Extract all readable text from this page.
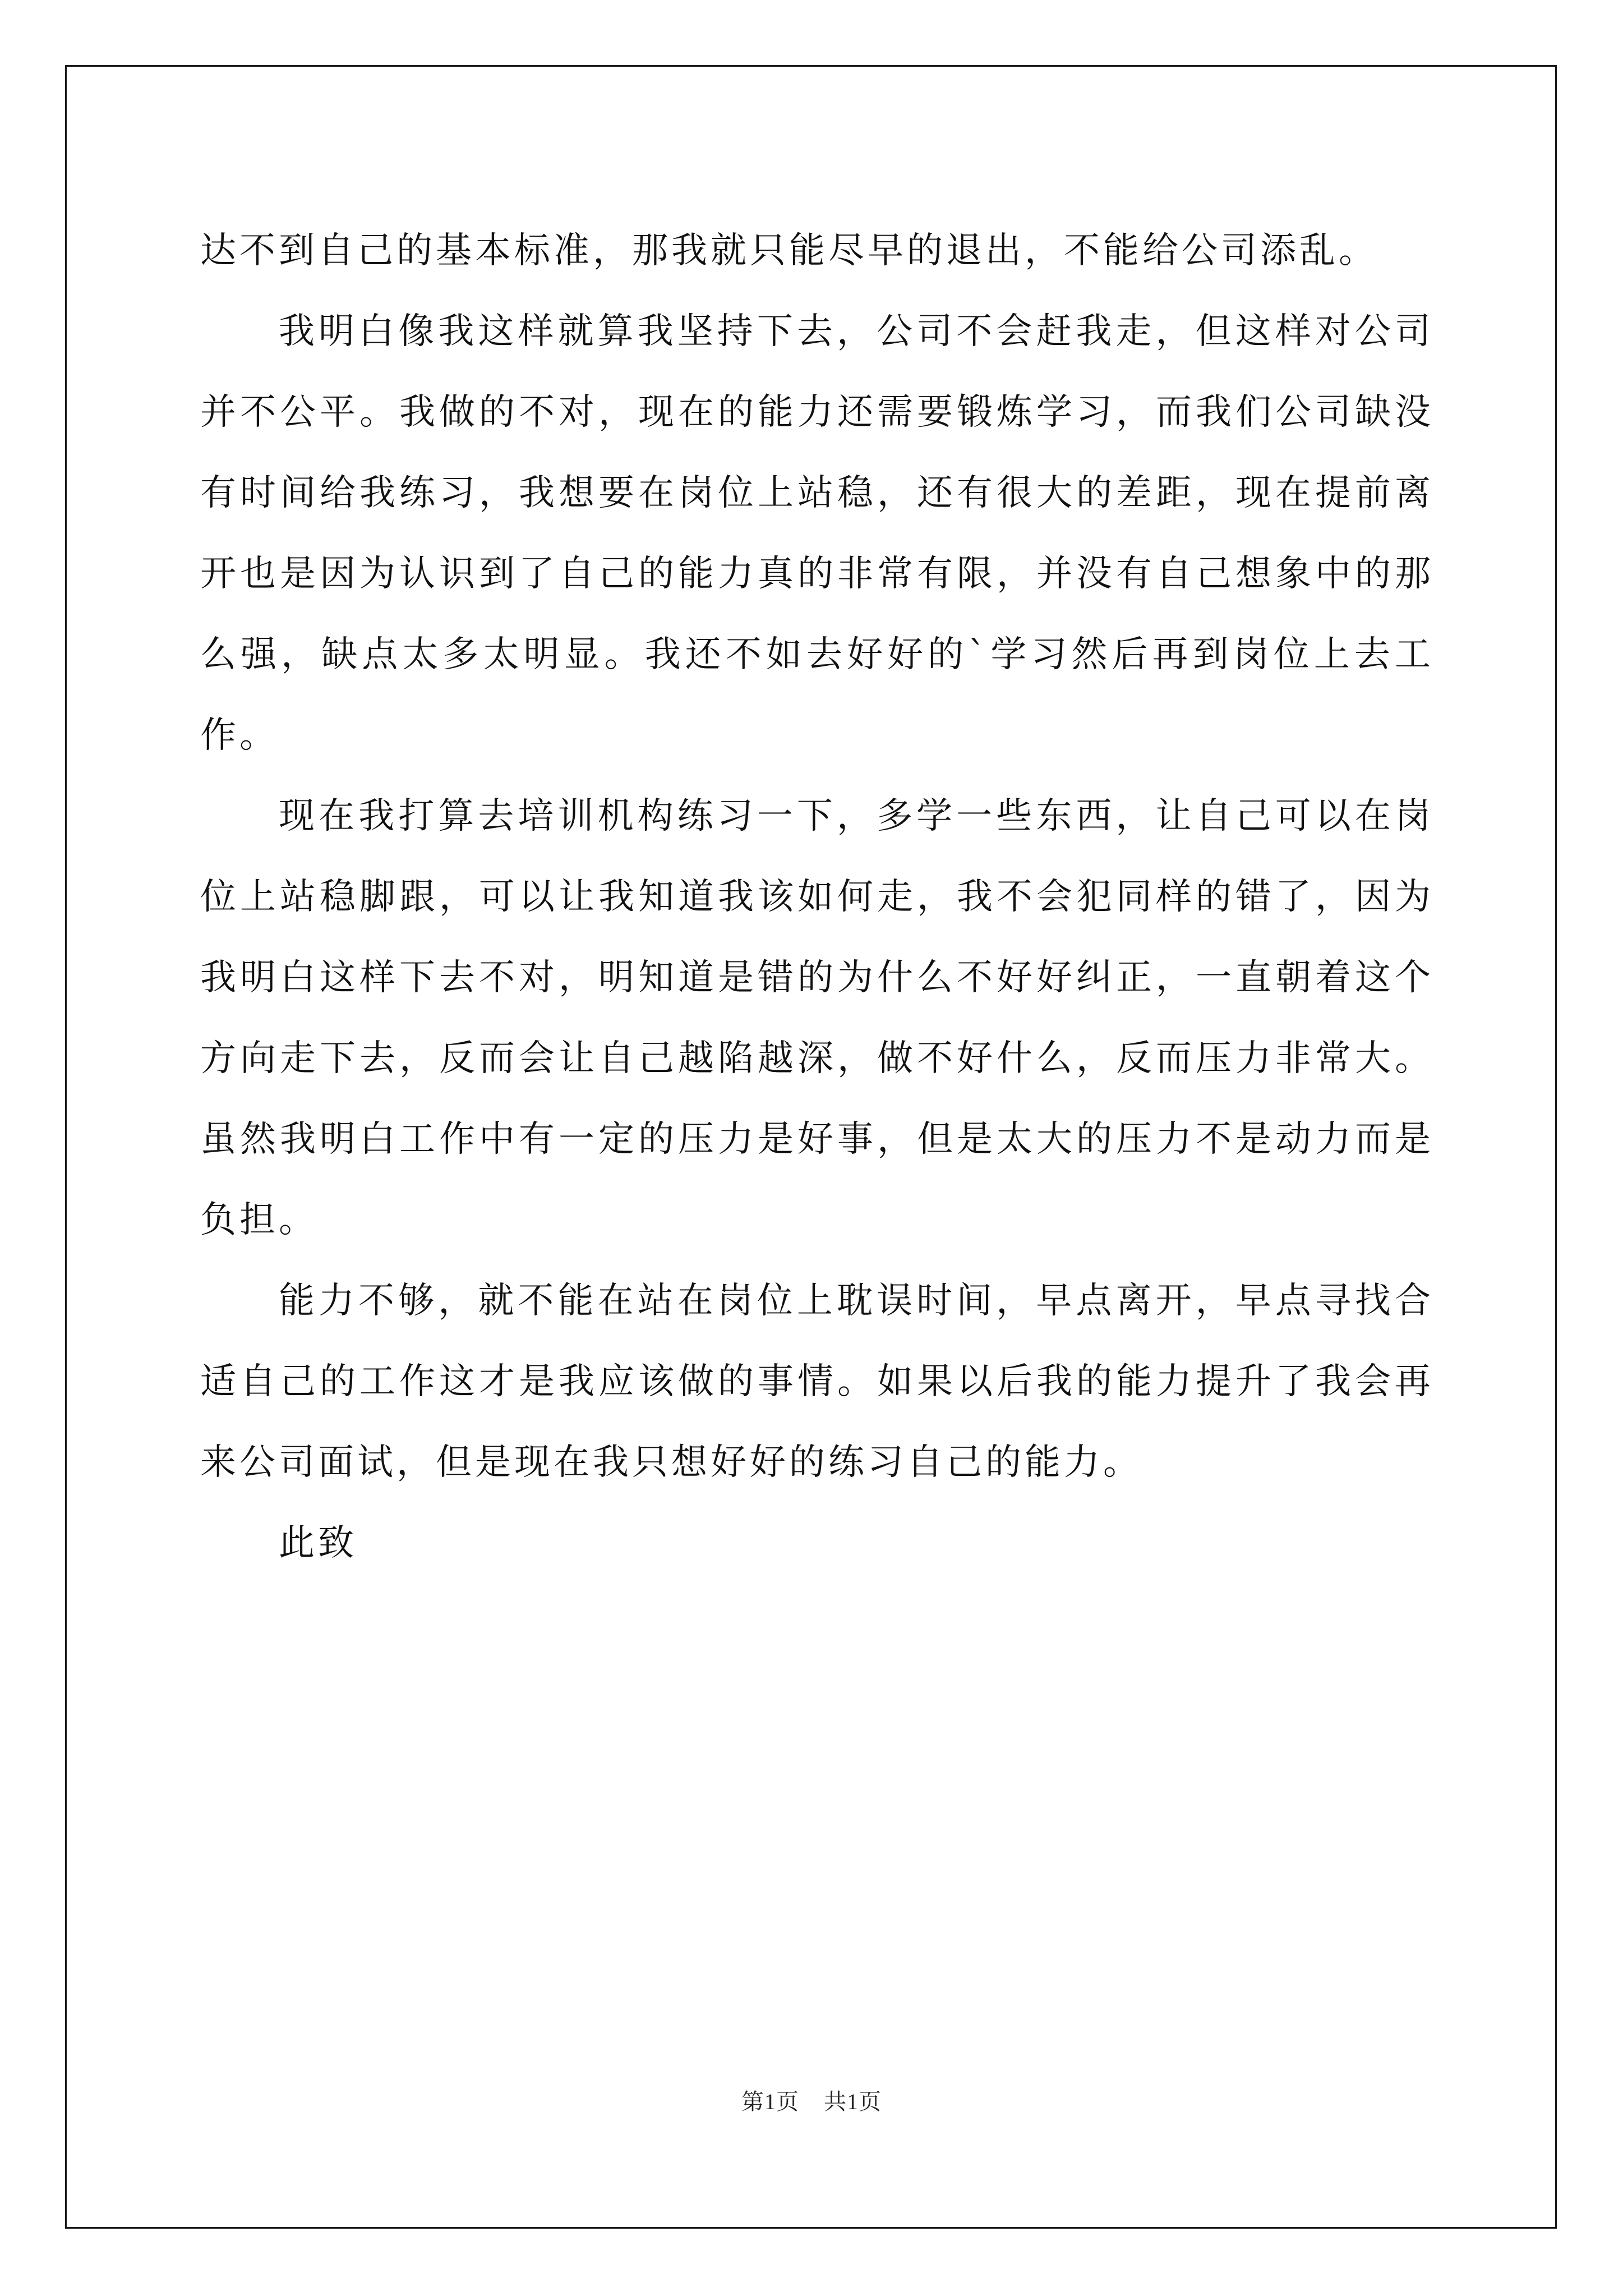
达不到自己的基本标准，那我就只能尽早的退出，不能给公司添乱。

我明白像我这样就算我坚持下去，公司不会赶我走，但这样对公司并不公平。我做的不对，现在的能力还需要锻炼学习，而我们公司缺没有时间给我练习，我想要在岗位上站稳，还有很大的差距，现在提前离开也是因为认识到了自己的能力真的非常有限，并没有自己想象中的那么强，缺点太多太明显。我还不如去好好的`学习然后再到岗位上去工作。

现在我打算去培训机构练习一下，多学一些东西，让自己可以在岗位上站稳脚跟，可以让我知道我该如何走，我不会犯同样的错了，因为我明白这样下去不对，明知道是错的为什么不好好纠正，一直朝着这个方向走下去，反而会让自己越陷越深，做不好什么，反而压力非常大。虽然我明白工作中有一定的压力是好事，但是太大的压力不是动力而是负担。

能力不够，就不能在站在岗位上耽误时间，早点离开，早点寻找合适自己的工作这才是我应该做的事情。如果以后我的能力提升了我会再来公司面试，但是现在我只想好好的练习自己的能力。

此致

第1页 共1页
